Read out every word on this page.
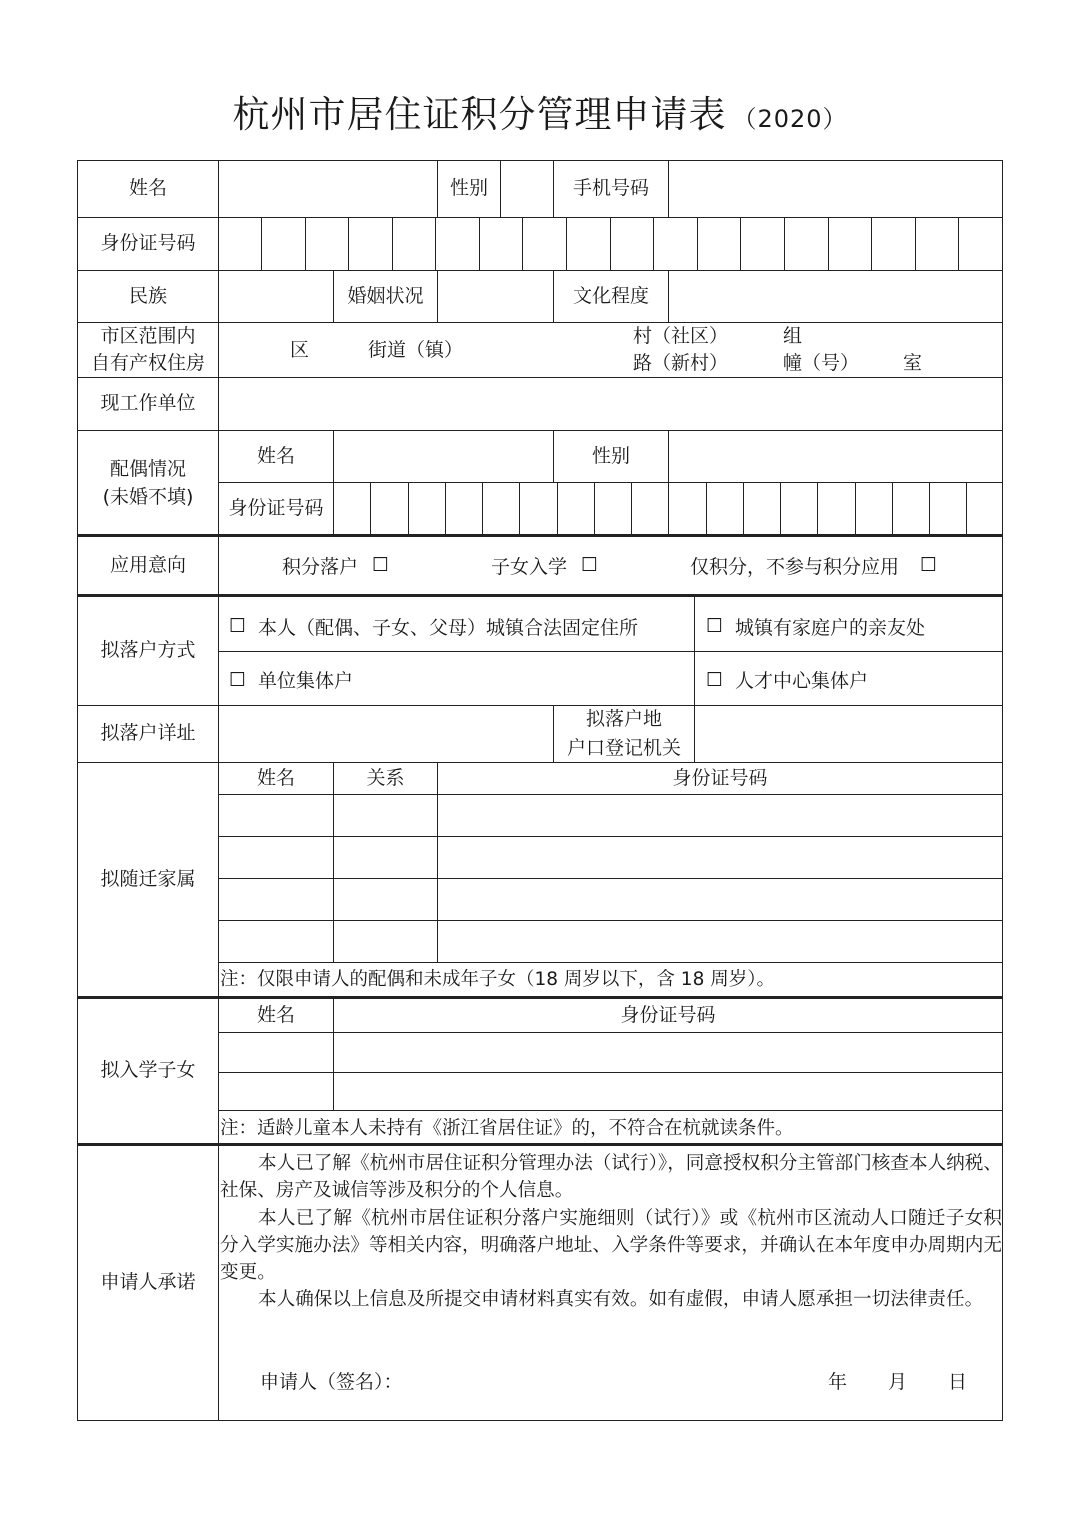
杭州市居住证积分管理申请表 （2020）
姓名	性别	手机号码
身份证号码
民族	婚姻状况	文化程度
市区范围内
自有产权住房
区	街道（镇）
村（社区）	组
路（新村）	幢（号） 室
现工作单位
配偶情况
(未婚不填)
姓名	性别
身份证号码
应用意向	积分落户 ☐	子女入学 ☐	仅积分，不参与积分应用 ☐
拟落户方式
☐ 本人（配偶、子女、父母）城镇合法固定住所	☐ 城镇有家庭户的亲友处
☐ 单位集体户	☐ 人才中心集体户
拟落户详址
拟落户地
户口登记机关
拟随迁家属
姓名	关系	身份证号码
注：仅限申请人的配偶和未成年子女（18 周岁以下，含 18 周岁）。
拟入学子女
姓名	身份证号码
注：适龄儿童本人未持有《浙江省居住证》的，不符合在杭就读条件。
申请人承诺

本人已了解《杭州市居住证积分管理办法（试行）》，同意授权积分主管部门核查本人纳税、社保、房产及诚信等涉及积分的个人信息。

本人已了解《杭州市居住证积分落户实施细则（试行）》或《杭州市区流动人口随迁子女积分入学实施办法》等相关内容，明确落户地址、入学条件等要求，并确认在本年度申办周期内无变更。

本人确保以上信息及所提交申请材料真实有效。如有虚假，申请人愿承担一切法律责任。

申请人（签名）：	年 月 日
